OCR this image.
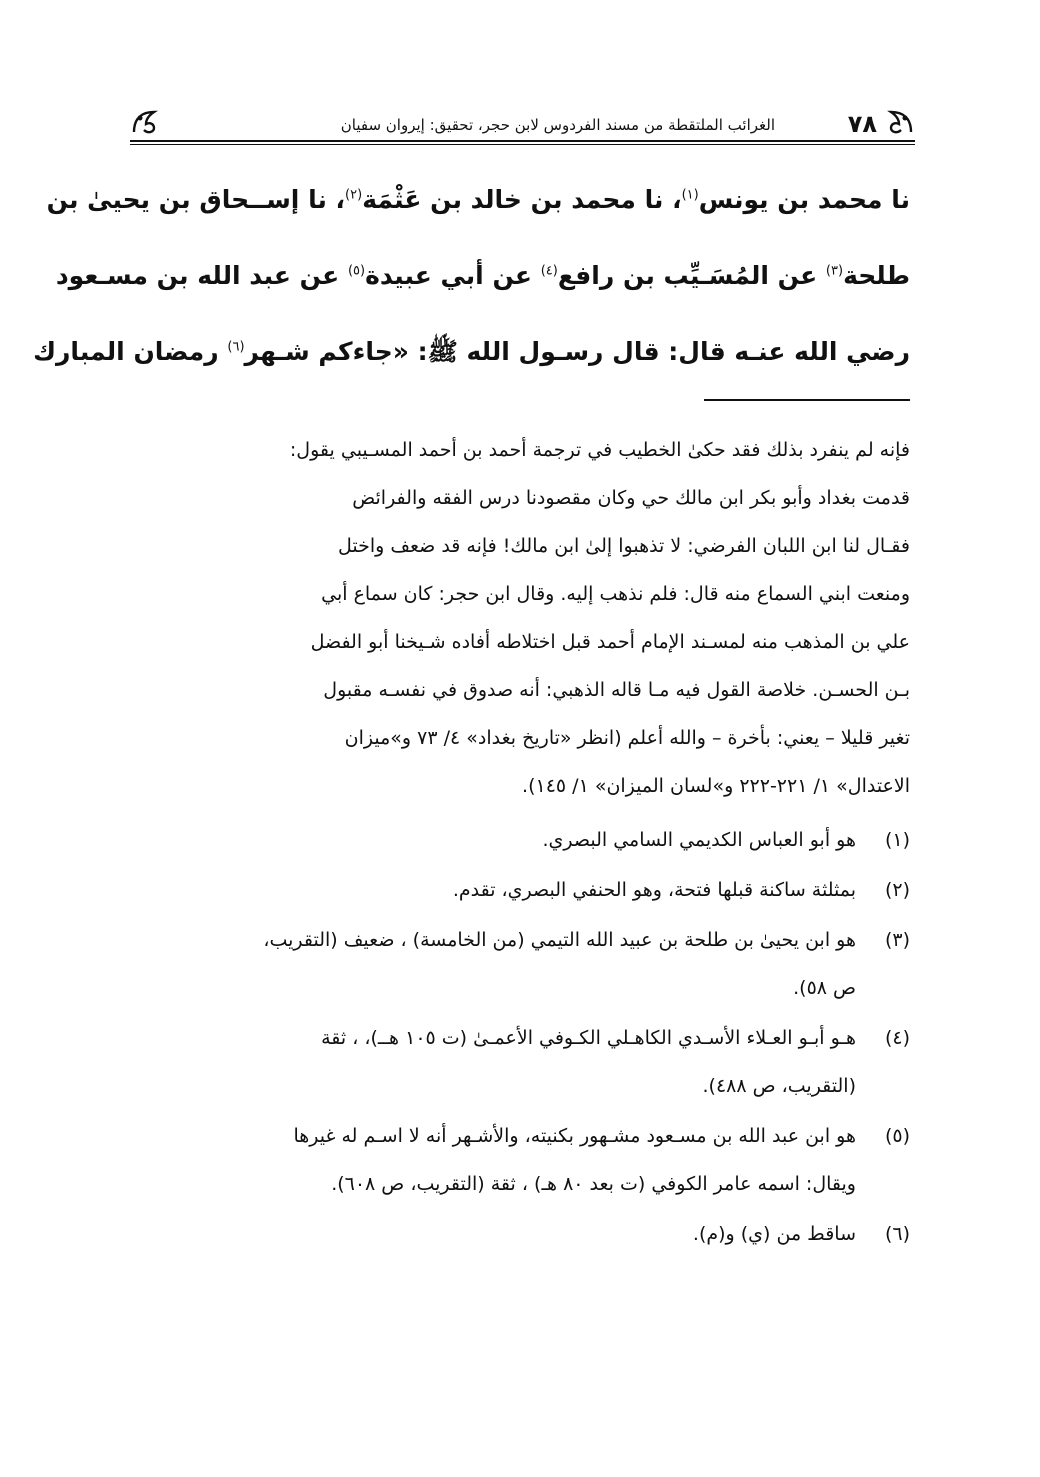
٧٨
الغرائب الملتقطة من مسند الفردوس لابن حجر، تحقيق: إيروان سفيان
نا محمد بن يونس$^{(١)}$، نا محمد بن خالد بن عَثْمَة$^{(٢)}$، نا إســحاق بن يحيىٰ بن
طلحة$^{(٣)}$ عن المُسَـيِّب بن رافع$^{(٤)}$ عن أبي عبيدة$^{(٥)}$ عن عبد الله بن مسـعود
رضي الله عنـه قال: قال رسـول الله ﷺ: «جاءكم شـهر$^{(٦)}$ رمضان المبارك
فإنه لم ينفرد بذلك فقد حكىٰ الخطيب في ترجمة أحمد بن أحمد المسـيبي يقول:
قدمت بغداد وأبو بكر ابن مالك حي وكان مقصودنا درس الفقه والفرائض
فقـال لنا ابن اللبان الفرضي: لا تذهبوا إلىٰ ابن مالك! فإنه قد ضعف واختل
ومنعت ابني السماع منه قال: فلم نذهب إليه. وقال ابن حجر: كان سماع أبي
علي بن المذهب منه لمسـند الإمام أحمد قبل اختلاطه أفاده شـيخنا أبو الفضل
بـن الحسـن. خلاصة القول فيه مـا قاله الذهبي: أنه صدوق في نفسـه مقبول
تغير قليلا – يعني: بأخرة – والله أعلم (انظر «تاريخ بغداد» ٤/ ٧٣ و»ميزان
الاعتدال» ١/ ٢٢١-٢٢٢ و»لسان الميزان» ١/ ١٤٥).
(١)
هو أبو العباس الكديمي السامي البصري.
(٢)
بمثلثة ساكنة قبلها فتحة، وهو الحنفي البصري، تقدم.
(٣)
هو ابن يحيىٰ بن طلحة بن عبيد الله التيمي (من الخامسة) ، ضعيف (التقريب،
ص ٥٨).
(٤)
هـو أبـو العـلاء الأسـدي الكاهـلي الكـوفي الأعمـىٰ (ت ١٠٥ هــ)، ، ثقة
(التقريب، ص ٤٨٨).
(٥)
هو ابن عبد الله بن مسـعود مشـهور بكنيته، والأشـهر أنه لا اسـم له غيرها
ويقال: اسمه عامر الكوفي (ت بعد ٨٠ هـ) ، ثقة (التقريب، ص ٦٠٨).
(٦)
ساقط من (ي) و(م).
